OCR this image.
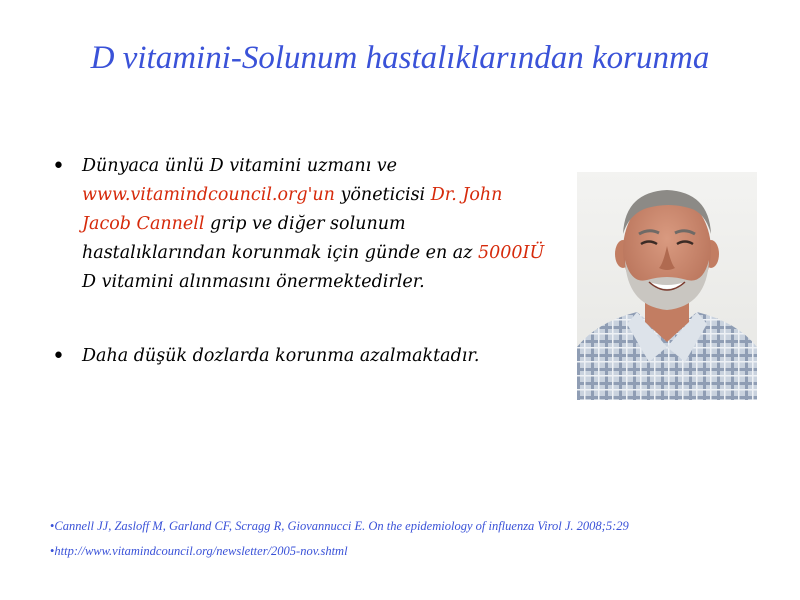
D vitamini-Solunum hastalıklarından korunma
• Dünyaca ünlü D vitamini uzmanı ve www.vitamindcouncil.org'un yöneticisi Dr. John Jacob Cannell grip ve diğer solunum hastalıklarından korunmak için günde en az 5000IÜ D vitamini alınmasını önermektedirler.
• Daha düşük dozlarda korunma azalmaktadır.
•Cannell JJ, Zasloff M, Garland CF, Scragg R, Giovannucci E. On the epidemiology of influenza Virol J. 2008;5:29
•http://www.vitamindcouncil.org/newsletter/2005-nov.shtml
